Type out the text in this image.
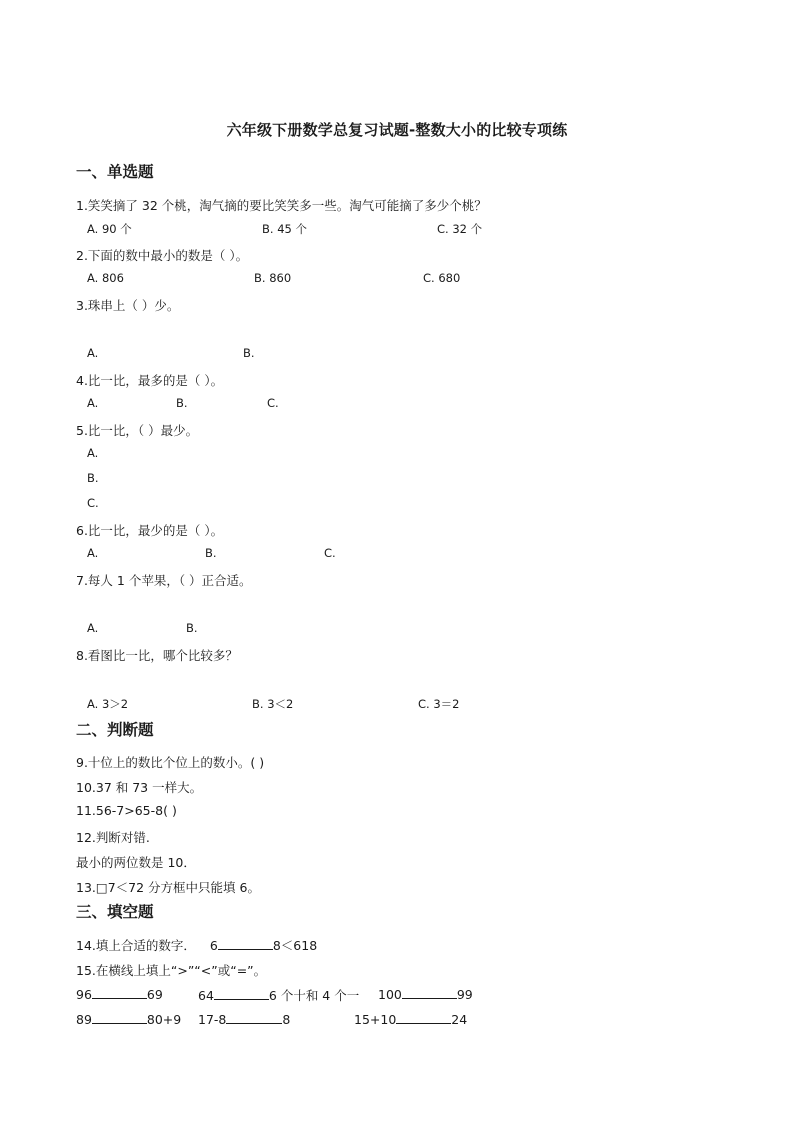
六年级下册数学总复习试题-整数大小的比较专项练
一、单选题
1.笑笑摘了 32 个桃，淘气摘的要比笑笑多一些。淘气可能摘了多少个桃？
A. 90 个	B. 45 个	C. 32 个
2.下面的数中最小的数是（ ）。
A. 806	B. 860	C. 680
3.珠串上（ ）少。
A.	B.
4.比一比，最多的是（ ）。
A.	B.	C.
5.比一比，（ ）最少。
A.
B.
C.
6.比一比，最少的是（ ）。
A.	B.	C.
7.每人 1 个苹果，（ ）正合适。
A.	B.
8.看图比一比，哪个比较多？
A. 3＞2	B. 3＜2	C. 3＝2
二、判断题
9.十位上的数比个位上的数小。( )
10.37 和 73 一样大。
11.56-7>65-8( )
12.判断对错.
最小的两位数是 10．
13.□7＜72 分方框中只能填 6。
三、填空题
14.填上合适的数字． 6	8＜618
15.在横线上填上“>”“<”或“=”。
96	69	64	6 个十和 4 个一 100	99
89	80+9 17-8	8	15+10	24
